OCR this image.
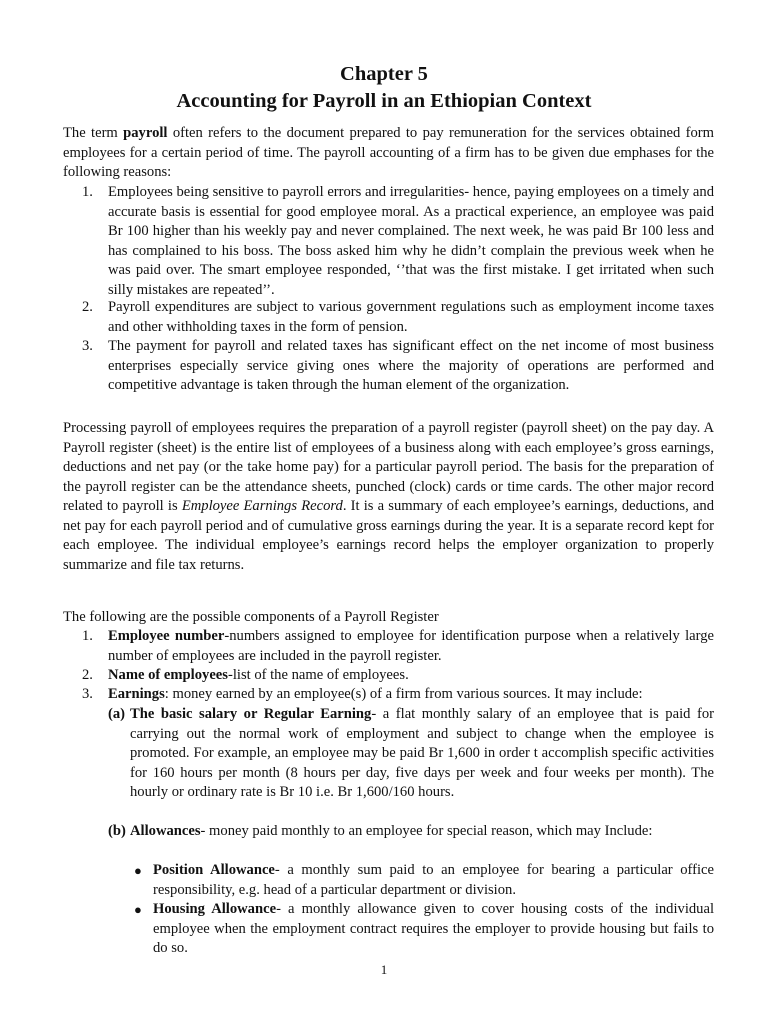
Chapter 5
Accounting for Payroll in an Ethiopian Context
The term payroll often refers to the document prepared to pay remuneration for the services obtained form employees for a certain period of time. The payroll accounting of a firm has to be given due emphases for the following reasons:
1. Employees being sensitive to payroll errors and irregularities- hence, paying employees on a timely and accurate basis is essential for good employee moral. As a practical experience, an employee was paid Br 100 higher than his weekly pay and never complained. The next week, he was paid Br 100 less and has complained to his boss. The boss asked him why he didn’t complain the previous week when he was paid over. The smart employee responded, ‘’that was the first mistake. I get irritated when such silly mistakes are repeated’’.
2. Payroll expenditures are subject to various government regulations such as employment income taxes and other withholding taxes in the form of pension.
3. The payment for payroll and related taxes has significant effect on the net income of most business enterprises especially service giving ones where the majority of operations are performed and competitive advantage is taken through the human element of the organization.
Processing payroll of employees requires the preparation of a payroll register (payroll sheet) on the pay day. A Payroll register (sheet) is the entire list of employees of a business along with each employee’s gross earnings, deductions and net pay (or the take home pay) for a particular payroll period. The basis for the preparation of the payroll register can be the attendance sheets, punched (clock) cards or time cards. The other major record related to payroll is Employee Earnings Record. It is a summary of each employee’s earnings, deductions, and net pay for each payroll period and of cumulative gross earnings during the year. It is a separate record kept for each employee. The individual employee’s earnings record helps the employer organization to properly summarize and file tax returns.
The following are the possible components of a Payroll Register
1. Employee number-numbers assigned to employee for identification purpose when a relatively large number of employees are included in the payroll register.
2. Name of employees-list of the name of employees.
3. Earnings: money earned by an employee(s) of a firm from various sources. It may include:
(a) The basic salary or Regular Earning- a flat monthly salary of an employee that is paid for carrying out the normal work of employment and subject to change when the employee is promoted. For example, an employee may be paid Br 1,600 in order t accomplish specific activities for 160 hours per month (8 hours per day, five days per week and four weeks per month). The hourly or ordinary rate is Br 10 i.e. Br 1,600/160 hours.
(b) Allowances- money paid monthly to an employee for special reason, which may Include:
● Position Allowance- a monthly sum paid to an employee for bearing a particular office responsibility, e.g. head of a particular department or division.
● Housing Allowance- a monthly allowance given to cover housing costs of the individual employee when the employment contract requires the employer to provide housing but fails to do so.
1
